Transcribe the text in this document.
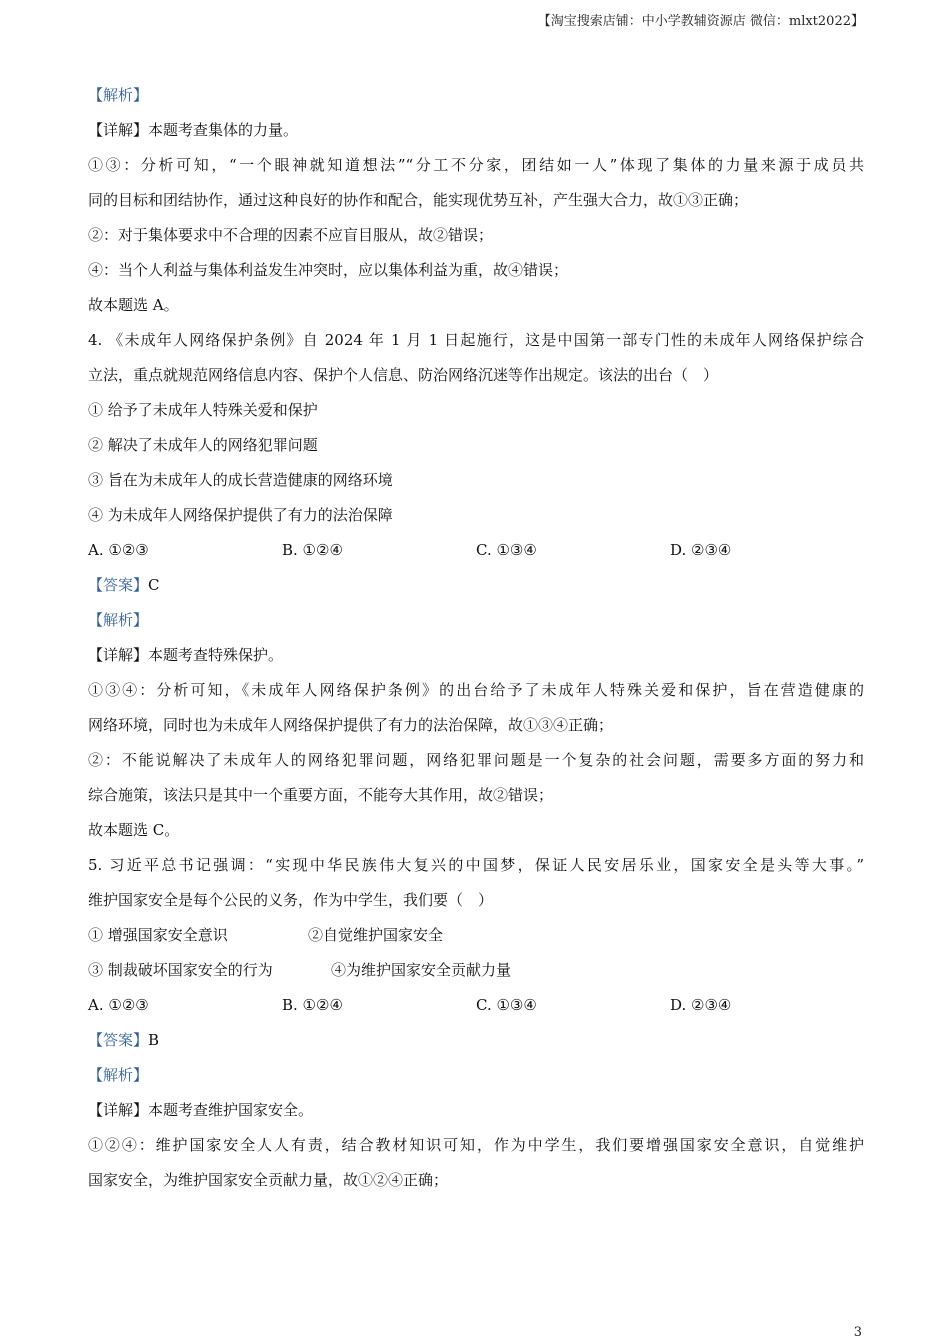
【淘宝搜索店铺：中小学教辅资源店 微信：mlxt2022】
【解析】
【详解】本题考查集体的力量。
①③：分析可知，“一个眼神就知道想法”“分工不分家，团结如一人”体现了集体的力量来源于成员共
同的目标和团结协作，通过这种良好的协作和配合，能实现优势互补，产生强大合力，故①③正确；
②：对于集体要求中不合理的因素不应盲目服从，故②错误；
④：当个人利益与集体利益发生冲突时，应以集体利益为重，故④错误；
故本题选 A。
4. 《未成年人网络保护条例》自 2024 年 1 月 1 日起施行，这是中国第一部专门性的未成年人网络保护综合
立法，重点就规范网络信息内容、保护个人信息、防治网络沉迷等作出规定。该法的出台（　）
① 给予了未成年人特殊关爱和保护
② 解决了未成年人的网络犯罪问题
③ 旨在为未成年人的成长营造健康的网络环境
④ 为未成年人网络保护提供了有力的法治保障
A. ①②③	B. ①②④	C. ①③④	D. ②③④
【答案】C
【解析】
【详解】本题考查特殊保护。
①③④：分析可知，《未成年人网络保护条例》的出台给予了未成年人特殊关爱和保护，旨在营造健康的
网络环境，同时也为未成年人网络保护提供了有力的法治保障，故①③④正确；
②：不能说解决了未成年人的网络犯罪问题，网络犯罪问题是一个复杂的社会问题，需要多方面的努力和
综合施策，该法只是其中一个重要方面，不能夸大其作用，故②错误；
故本题选 C。
5. 习近平总书记强调：“实现中华民族伟大复兴的中国梦，保证人民安居乐业，国家安全是头等大事。”
维护国家安全是每个公民的义务，作为中学生，我们要（　）
① 增强国家安全意识	②自觉维护国家安全
③ 制裁破坏国家安全的行为	④为维护国家安全贡献力量
A. ①②③	B. ①②④	C. ①③④	D. ②③④
【答案】B
【解析】
【详解】本题考查维护国家安全。
①②④：维护国家安全人人有责，结合教材知识可知，作为中学生，我们要增强国家安全意识，自觉维护
国家安全，为维护国家安全贡献力量，故①②④正确；
3
